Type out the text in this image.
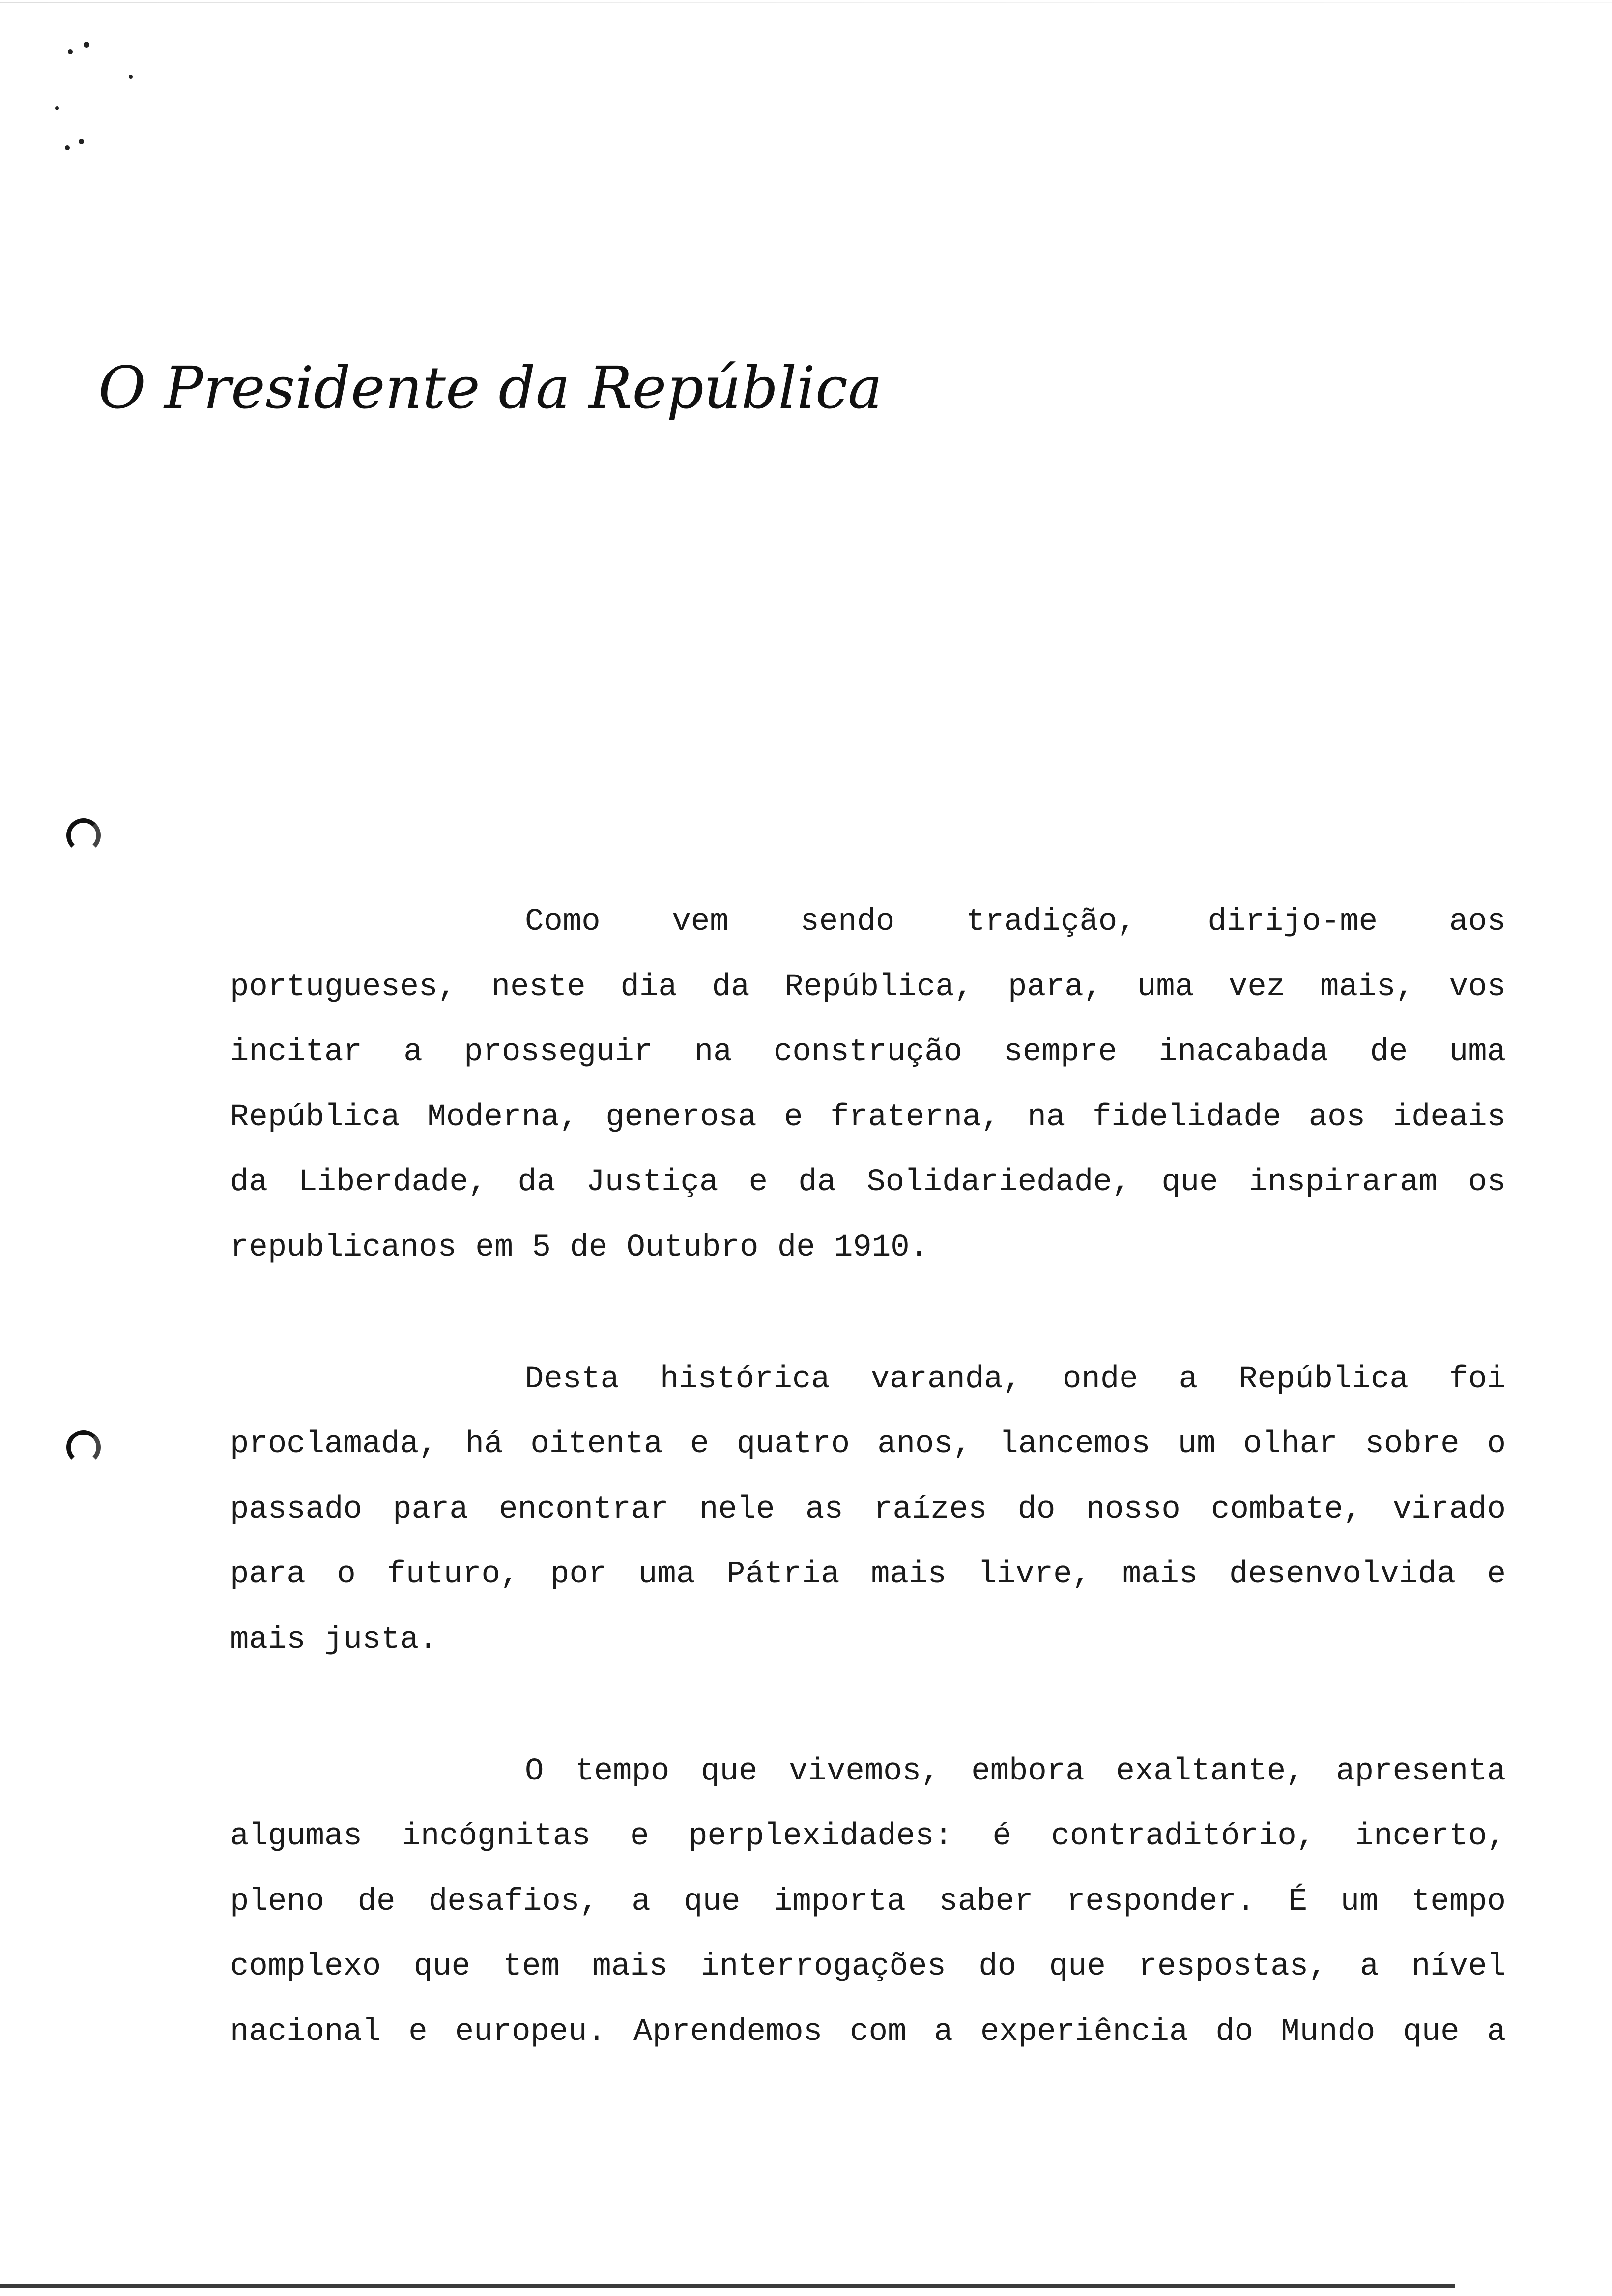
O Presidente da República

Como vem sendo tradição, dirijo-me aos

portugueses, neste dia da República, para, uma vez mais, vos

incitar a prosseguir na construção sempre inacabada de uma

República Moderna, generosa e fraterna, na fidelidade aos ideais

da Liberdade, da Justiça e da Solidariedade, que inspiraram os

republicanos em 5 de Outubro de 1910.

Desta histórica varanda, onde a República foi

proclamada, há oitenta e quatro anos, lancemos um olhar sobre o

passado para encontrar nele as raízes do nosso combate, virado

para o futuro, por uma Pátria mais livre, mais desenvolvida e

mais justa.

O tempo que vivemos, embora exaltante, apresenta

algumas incógnitas e perplexidades: é contraditório, incerto,

pleno de desafios, a que importa saber responder. É um tempo

complexo que tem mais interrogações do que respostas, a nível

nacional e europeu. Aprendemos com a experiência do Mundo que a
